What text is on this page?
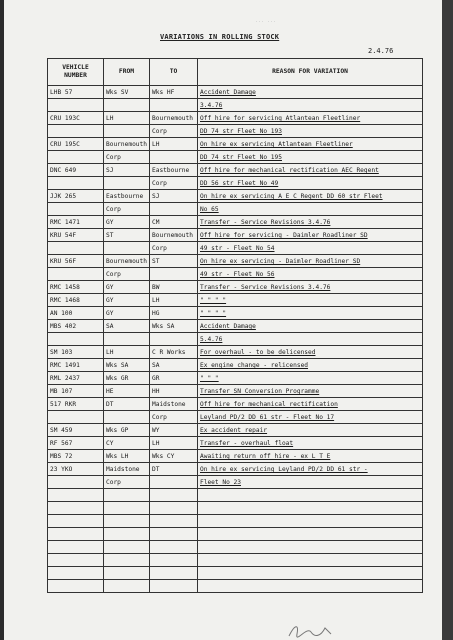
... ...
VARIATIONS IN ROLLING STOCK
2.4.76
VEHICLE NUMBER	FROM	TO	REASON FOR VARIATION
LHB 57	Wks SV	Wks HF	Accident Damage
			3.4.76
CRU 193C	LH	Bournemouth	Off hire for servicing Atlantean Fleetliner
		Corp	DD 74 str Fleet No 193
CRU 195C	Bournemouth	LH	On hire ex servicing Atlantean Fleetliner
	Corp		DD 74 str Fleet No 195
DNC 649	SJ	Eastbourne	Off hire for mechanical rectification AEC Regent
		Corp	DD 56 str Fleet No 49
JJK 265	Eastbourne	SJ	On hire ex servicing A E C Regent DD 60 str Fleet
	Corp		No 65
RMC 1471	GY	CM	Transfer - Service Revisions 3.4.76
KRU 54F	ST	Bournemouth	Off hire for servicing - Daimler Roadliner SD
		Corp	49 str - Fleet No 54
KRU 56F	Bournemouth	ST	On hire ex servicing - Daimler Roadliner SD
	Corp		49 str - Fleet No 56
RMC 1458	GY	BW	Transfer - Service Revisions 3.4.76
RMC 1468	GY	LH	" " " "
AN 100	GY	HG	" " " "
MBS 402	SA	Wks SA	Accident Damage
			5.4.76
SM 103	LH	C R Works	For overhaul - to be delicensed
RMC 1491	Wks SA	SA	Ex engine change - relicensed
RML 2437	Wks GR	GR	" " "
MB 107	HE	HH	Transfer SN Conversion Programme
517 RKR	DT	Maidstone	Off hire for mechanical rectification
		Corp	Leyland PD/2 DD 61 str - Fleet No 17
SM 459	Wks GP	WY	Ex accident repair
RF 567	CY	LH	Transfer - overhaul float
MBS 72	Wks LH	Wks CY	Awaiting return off hire - ex L T E
23 YKO	Maidstone	DT	On hire ex servicing Leyland PD/2 DD 61 str -
	Corp		Fleet No 23
